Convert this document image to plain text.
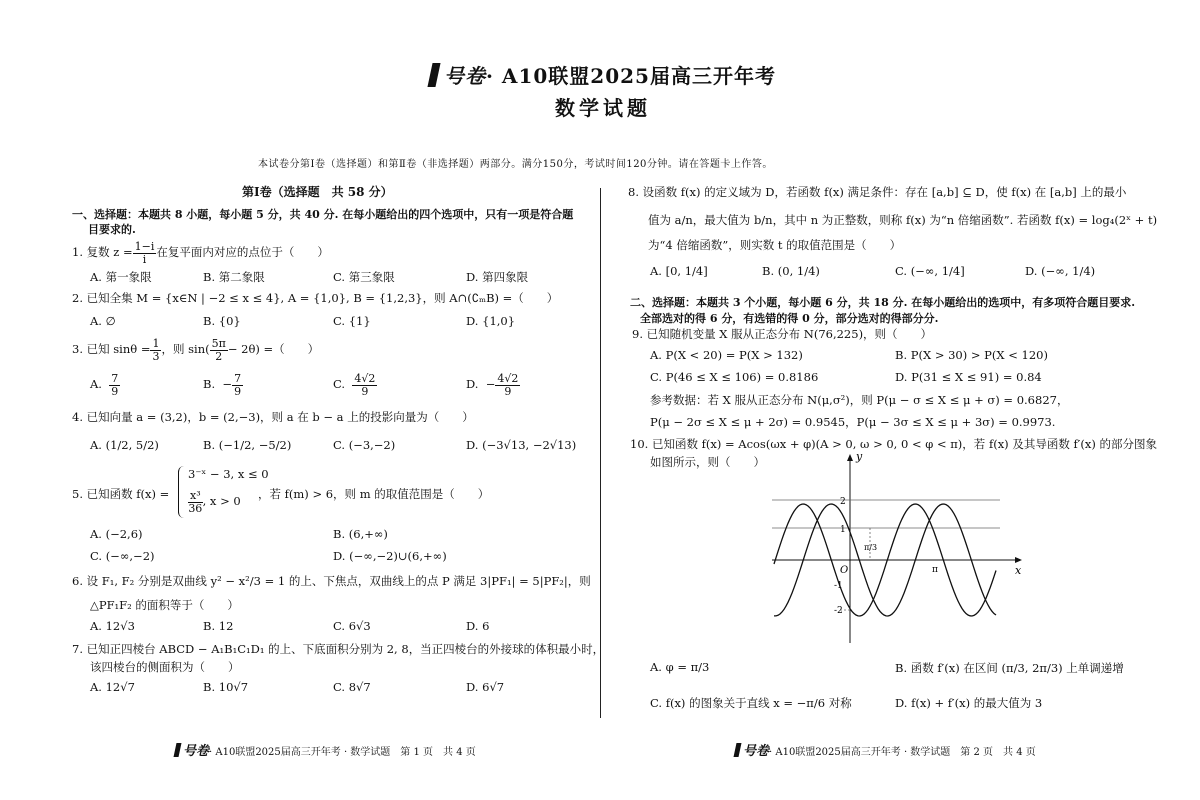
号卷· A10联盟2025届高三开年考
数学试题
本试卷分第Ⅰ卷（选择题）和第Ⅱ卷（非选择题）两部分。满分150分，考试时间120分钟。请在答题卡上作答。
第Ⅰ卷（选择题　共 58 分）
一、选择题：本题共 8 小题，每小题 5 分，共 40 分. 在每小题给出的四个选项中，只有一项是符合题
目要求的.
1. 复数 $z = \frac{1-i}{i}$ 在复平面内对应的点位于（　　）
A. 第一象限	B. 第二象限	C. 第三象限	D. 第四象限
2. 已知全集 M = {x∈N | −2 ≤ x ≤ 4}, A = {1,0}, B = {1,2,3}，则 A∩(∁ₘB) =（　　）
A. ∅	B. {0}	C. {1}	D. {1,0}
3. 已知 $\sin\theta = \frac{1}{3}$ ，则 $\sin( \frac{5\pi}{2} - 2\theta)$ =（　　）
A. $\frac{7}{9}$	B. − $\frac{7}{9}$	C. $\frac{4√2}{9}$	D. − $\frac{4√2}{9}$
4. 已知向量 a = (3,2)，b = (2,−3)，则 a 在 b − a 上的投影向量为（　　）
A. (1/2, 5/2)	B. (−1/2, −5/2)	C. (−3,−2)	D. (−3√13, −2√13)
5. 已知函数 f(x) =
3⁻ˣ − 3, x ≤ 0
$\frac{\text{x³}}{36}$ , x > 0
，若 f(m) > 6，则 m 的取值范围是（　　）
A. (−2,6)	B. (6,+∞)
C. (−∞,−2)	D. (−∞,−2)∪(6,+∞)
6. 设 F₁, F₂ 分别是双曲线 y² − x²/3 = 1 的上、下焦点，双曲线上的点 P 满足 3|PF₁| = 5|PF₂|，则
△PF₁F₂ 的面积等于（　　）
A. 12√3	B. 12	C. 6√3	D. 6
7. 已知正四棱台 ABCD − A₁B₁C₁D₁ 的上、下底面积分别为 2, 8，当正四棱台的外接球的体积最小时，
该四棱台的侧面积为（　　）
A. 12√7	B. 10√7	C. 8√7	D. 6√7
号卷· A10联盟2025届高三开年考 · 数学试题　第 1 页　共 4 页
8. 设函数 f(x) 的定义域为 D，若函数 f(x) 满足条件：存在 [a,b] ⊆ D，使 f(x) 在 [a,b] 上的最小
值为 a/n，最大值为 b/n，其中 n 为正整数，则称 f(x) 为“n 倍缩函数”. 若函数 f(x) = log₄(2ˣ + t)
为“4 倍缩函数”，则实数 t 的取值范围是（　　）
A. [0, 1/4]	B. (0, 1/4)	C. (−∞, 1/4]	D. (−∞, 1/4)
二、选择题：本题共 3 个小题，每小题 6 分，共 18 分. 在每小题给出的选项中，有多项符合题目要求.
全部选对的得 6 分，有选错的得 0 分，部分选对的得部分分.
9. 已知随机变量 X 服从正态分布 N(76,225)，则（　　）
A. P(X < 20) = P(X > 132)	B. P(X > 30) > P(X < 120)
C. P(46 ≤ X ≤ 106) = 0.8186	D. P(31 ≤ X ≤ 91) = 0.84
参考数据：若 X 服从正态分布 N(μ,σ²)，则 P(μ − σ ≤ X ≤ μ + σ) = 0.6827，
P(μ − 2σ ≤ X ≤ μ + 2σ) = 0.9545，P(μ − 3σ ≤ X ≤ μ + 3σ) = 0.9973.
10. 已知函数 f(x) = Acos(ωx + φ)(A > 0, ω > 0, 0 < φ < π)，若 f(x) 及其导函数 f′(x) 的部分图象
如图所示，则（　　）	y
x
O
2
1
-1
-2
π/3
π
A. φ = π/3	B. 函数 f′(x) 在区间 (π/3, 2π/3) 上单调递增
C. f(x) 的图象关于直线 x = −π/6 对称	D. f(x) + f′(x) 的最大值为 3
号卷· A10联盟2025届高三开年考 · 数学试题　第 2 页　共 4 页
